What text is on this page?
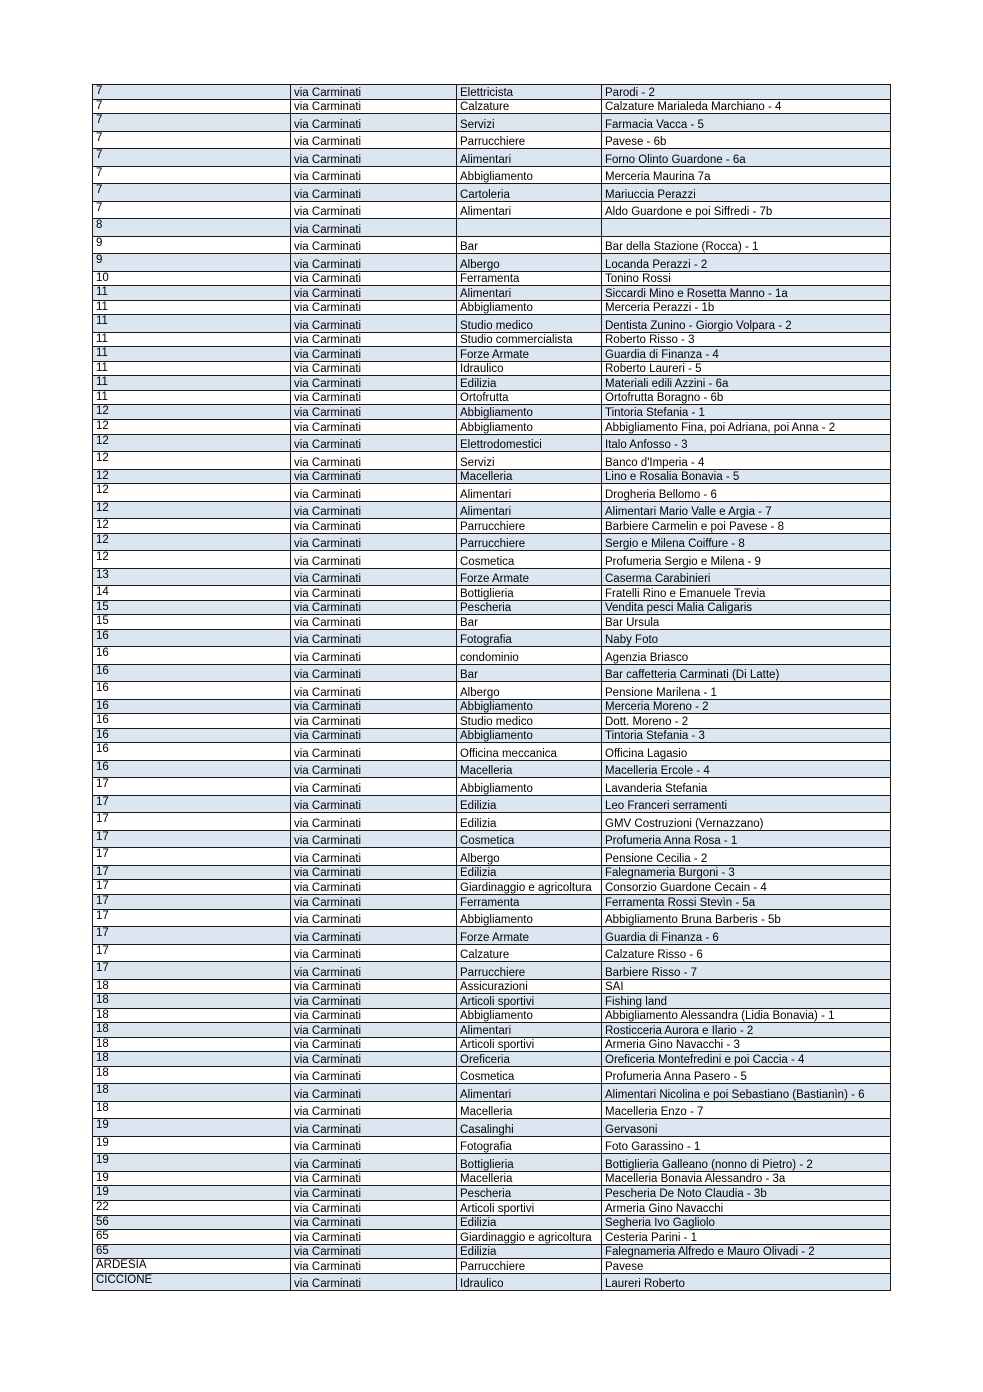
7	via Carminati	Elettricista	Parodi - 2
7	via Carminati	Calzature	Calzature Marialeda Marchiano - 4
7	via Carminati	Servizi	Farmacia Vacca - 5
7	via Carminati	Parrucchiere	Pavese - 6b
7	via Carminati	Alimentari	Forno Olinto Guardone - 6a
7	via Carminati	Abbigliamento	Merceria Maurina 7a
7	via Carminati	Cartoleria	Mariuccia Perazzi
7	via Carminati	Alimentari	Aldo Guardone e poi Siffredi - 7b
8	via Carminati		
9	via Carminati	Bar	Bar della Stazione (Rocca) - 1
9	via Carminati	Albergo	Locanda Perazzi - 2
10	via Carminati	Ferramenta	Tonino Rossi
11	via Carminati	Alimentari	Siccardi Mino e Rosetta Manno - 1a
11	via Carminati	Abbigliamento	Merceria Perazzi - 1b
11	via Carminati	Studio medico	Dentista Zunino - Giorgio Volpara - 2
11	via Carminati	Studio commercialista	Roberto Risso - 3
11	via Carminati	Forze Armate	Guardia di Finanza - 4
11	via Carminati	Idraulico	Roberto Laureri - 5
11	via Carminati	Edilizia	Materiali edili Azzini - 6a
11	via Carminati	Ortofrutta	Ortofrutta Boragno - 6b
12	via Carminati	Abbigliamento	Tintoria Stefania - 1
12	via Carminati	Abbigliamento	Abbigliamento Fina, poi Adriana, poi Anna - 2
12	via Carminati	Elettrodomestici	Italo Anfosso - 3
12	via Carminati	Servizi	Banco d'Imperia - 4
12	via Carminati	Macelleria	Lino e Rosalia Bonavia - 5
12	via Carminati	Alimentari	Drogheria Bellomo - 6
12	via Carminati	Alimentari	Alimentari Mario Valle e Argia - 7
12	via Carminati	Parrucchiere	Barbiere Carmelin e poi Pavese - 8
12	via Carminati	Parrucchiere	Sergio e Milena Coiffure - 8
12	via Carminati	Cosmetica	Profumeria Sergio e Milena - 9
13	via Carminati	Forze Armate	Caserma Carabinieri
14	via Carminati	Bottiglieria	Fratelli Rino e Emanuele Trevia
15	via Carminati	Pescheria	Vendita pesci Malia Caligaris
15	via Carminati	Bar	Bar Ursula
16	via Carminati	Fotografia	Naby Foto
16	via Carminati	condominio	Agenzia Briasco
16	via Carminati	Bar	Bar caffetteria Carminati (Di Latte)
16	via Carminati	Albergo	Pensione Marilena - 1
16	via Carminati	Abbigliamento	Merceria Moreno - 2
16	via Carminati	Studio medico	Dott. Moreno - 2
16	via Carminati	Abbigliamento	Tintoria Stefania - 3
16	via Carminati	Officina meccanica	Officina Lagasio
16	via Carminati	Macelleria	Macelleria Ercole - 4
17	via Carminati	Abbigliamento	Lavanderia Stefania
17	via Carminati	Edilizia	Leo Franceri serramenti
17	via Carminati	Edilizia	GMV Costruzioni (Vernazzano)
17	via Carminati	Cosmetica	Profumeria Anna Rosa - 1
17	via Carminati	Albergo	Pensione Cecilia - 2
17	via Carminati	Edilizia	Falegnameria Burgoni - 3
17	via Carminati	Giardinaggio e agricoltura	Consorzio Guardone Cecain - 4
17	via Carminati	Ferramenta	Ferramenta Rossi Stevìn - 5a
17	via Carminati	Abbigliamento	Abbigliamento Bruna Barberis - 5b
17	via Carminati	Forze Armate	Guardia di Finanza - 6
17	via Carminati	Calzature	Calzature Risso - 6
17	via Carminati	Parrucchiere	Barbiere Risso - 7
18	via Carminati	Assicurazioni	SAI
18	via Carminati	Articoli sportivi	Fishing land
18	via Carminati	Abbigliamento	Abbigliamento Alessandra (Lidia Bonavia) - 1
18	via Carminati	Alimentari	Rosticceria Aurora e Ilario - 2
18	via Carminati	Articoli sportivi	Armeria Gino Navacchi - 3
18	via Carminati	Oreficeria	Oreficeria Montefredini e poi Caccia - 4
18	via Carminati	Cosmetica	Profumeria Anna Pasero - 5
18	via Carminati	Alimentari	Alimentari Nicolina e poi Sebastiano (Bastianìn) - 6
18	via Carminati	Macelleria	Macelleria Enzo - 7
19	via Carminati	Casalinghi	Gervasoni
19	via Carminati	Fotografia	Foto Garassino - 1
19	via Carminati	Bottiglieria	Bottiglieria Galleano (nonno di Pietro) - 2
19	via Carminati	Macelleria	Macelleria Bonavia Alessandro - 3a
19	via Carminati	Pescheria	Pescheria De Noto Claudia - 3b
22	via Carminati	Articoli sportivi	Armeria Gino Navacchi
56	via Carminati	Edilizia	Segheria Ivo Gagliolo
65	via Carminati	Giardinaggio e agricoltura	Cesteria Parini - 1
65	via Carminati	Edilizia	Falegnameria Alfredo e Mauro Olivadi - 2
ARDESIA	via Carminati	Parrucchiere	Pavese
CICCIONE	via Carminati	Idraulico	Laureri Roberto
